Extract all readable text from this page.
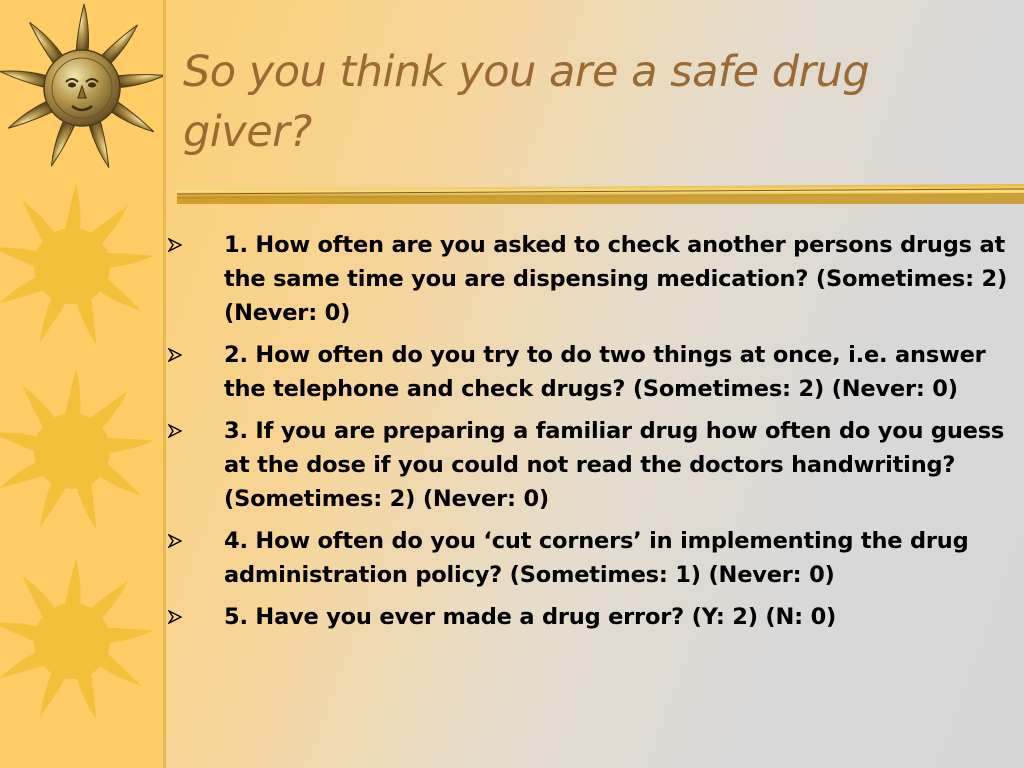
So you think you are a safe drug giver?
1. How often are you asked to check another persons drugs at the same time you are dispensing medication? (Sometimes: 2)(Never: 0)
2. How often do you try to do two things at once, i.e. answer the telephone and check drugs? (Sometimes: 2) (Never: 0)
3. If you are preparing a familiar drug how often do you guess at the dose if you could not read the doctors handwriting? (Sometimes: 2) (Never: 0)
4. How often do you ‘cut corners’ in implementing the drug administration policy? (Sometimes: 1) (Never: 0)
5. Have you ever made a drug error? (Y: 2) (N: 0)
